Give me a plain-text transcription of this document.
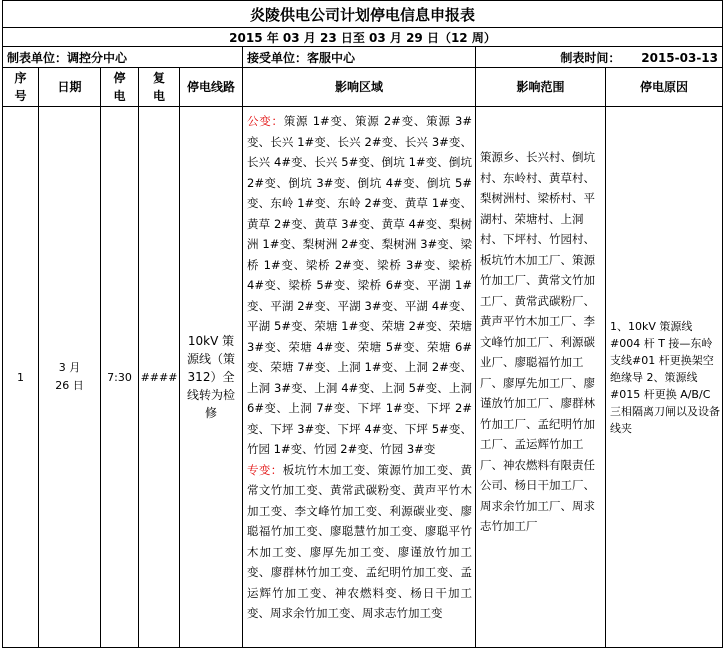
炎陵供电公司计划停电信息申报表							
2015 年 03 月 23 日至 03 月 29 日（12 周）							
制表单位：调控分中心					接受单位：客服中心	制表时间： 2015-03-13	
序号	日期	停电	复电	停电线路	影响区域	影响范围	停电原因
1	3 月 26 日	7:30	####	10kV 策源线（策 312）全线转为检修	公变：策源 1#变、策源 2#变、策源 3#变、长兴 1#变、长兴 2#变、长兴 3#变、长兴 4#变、长兴 5#变、倒坑 1#变、倒坑 2#变、倒坑 3#变、倒坑 4#变、倒坑 5#变、东岭 1#变、东岭 2#变、黄草 1#变、黄草 2#变、黄草 3#变、黄草 4#变、梨树洲 1#变、梨树洲 2#变、梨树洲 3#变、梁桥 1#变、梁桥 2#变、梁桥 3#变、梁桥 4#变、梁桥 5#变、梁桥 6#变、平湖 1#变、平湖 2#变、平湖 3#变、平湖 4#变、平湖 5#变、荣塘 1#变、荣塘 2#变、荣塘 3#变、荣塘 4#变、荣塘 5#变、荣塘 6#变、荣塘 7#变、上洞 1#变、上洞 2#变、上洞 3#变、上洞 4#变、上洞 5#变、上洞 6#变、上洞 7#变、下坪 1#变、下坪 2#变、下坪 3#变、下坪 4#变、下坪 5#变、竹园 1#变、竹园 2#变、竹园 3#变
专变：板坑竹木加工变、策源竹加工变、黄常文竹加工变、黄常武碳粉变、黄声平竹木加工变、李文峰竹加工变、利源碳业变、廖聪福竹加工变、廖聪慧竹加工变、廖聪平竹木加工变、廖厚先加工变、廖谨放竹加工变、廖群林竹加工变、孟纪明竹加工变、孟运辉竹加工变、神农燃料变、杨日干加工变、周求余竹加工变、周求志竹加工变	策源乡、长兴村、倒坑村、东岭村、黄草村、梨树洲村、梁桥村、平湖村、荣塘村、上洞村、下坪村、竹园村、板坑竹木加工厂、策源竹加工厂、黄常文竹加工厂、黄常武碳粉厂、黄声平竹木加工厂、李文峰竹加工厂、利源碳业厂、廖聪福竹加工厂、廖厚先加工厂、廖谨放竹加工厂、廖群林竹加工厂、孟纪明竹加工厂、孟运辉竹加工厂、神农燃料有限责任公司、杨日干加工厂、周求余竹加工厂、周求志竹加工厂	1、10kV 策源线#004 杆 T 接—东岭支线#01 杆更换架空绝缘导 2、策源线#015 杆更换 A/B/C 三相隔离刀闸以及设备线夹
